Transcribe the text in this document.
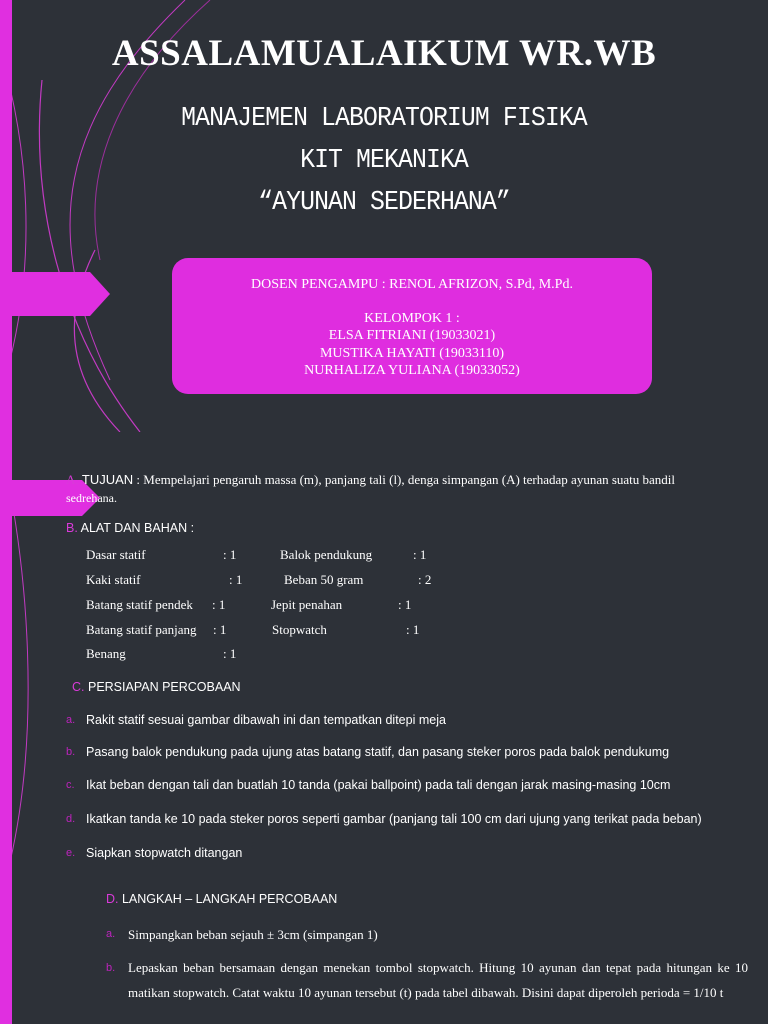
ASSALAMUALAIKUM WR.WB
MANAJEMEN LABORATORIUM FISIKA
KIT MEKANIKA
“AYUNAN SEDERHANA”
DOSEN PENGAMPU : RENOL AFRIZON, S.Pd, M.Pd.
KELOMPOK 1 :
ELSA FITRIANI (19033021)
MUSTIKA HAYATI (19033110)
NURHALIZA YULIANA (19033052)
A. TUJUAN : Mempelajari pengaruh massa (m), panjang tali (l), denga simpangan (A) terhadap ayunan suatu bandil
sedrehana.
B. ALAT DAN BAHAN :
Dasar statif	: 1	Balok pendukung	: 1
Kaki statif	: 1	Beban 50 gram	: 2
Batang statif pendek : 1	Jepit penahan	: 1
Batang statif panjang : 1	Stopwatch	: 1
Benang	: 1
C. PERSIAPAN PERCOBAAN
a. Rakit statif sesuai gambar dibawah ini dan tempatkan ditepi meja
b. Pasang balok pendukung pada ujung atas batang statif, dan pasang steker poros pada balok pendukumg
c. Ikat beban dengan tali dan buatlah 10 tanda (pakai ballpoint) pada tali dengan jarak masing-masing 10cm
d. Ikatkan tanda ke 10 pada steker poros seperti gambar (panjang tali 100 cm dari ujung yang terikat pada beban)
e. Siapkan stopwatch ditangan
D. LANGKAH – LANGKAH PERCOBAAN
a. Simpangkan beban sejauh ± 3cm (simpangan 1)
b. Lepaskan beban bersamaan dengan menekan tombol stopwatch. Hitung 10 ayunan dan tepat pada hitungan ke 10 matikan stopwatch. Catat waktu 10 ayunan tersebut (t) pada tabel dibawah. Disini dapat diperoleh perioda = 1/10 t
